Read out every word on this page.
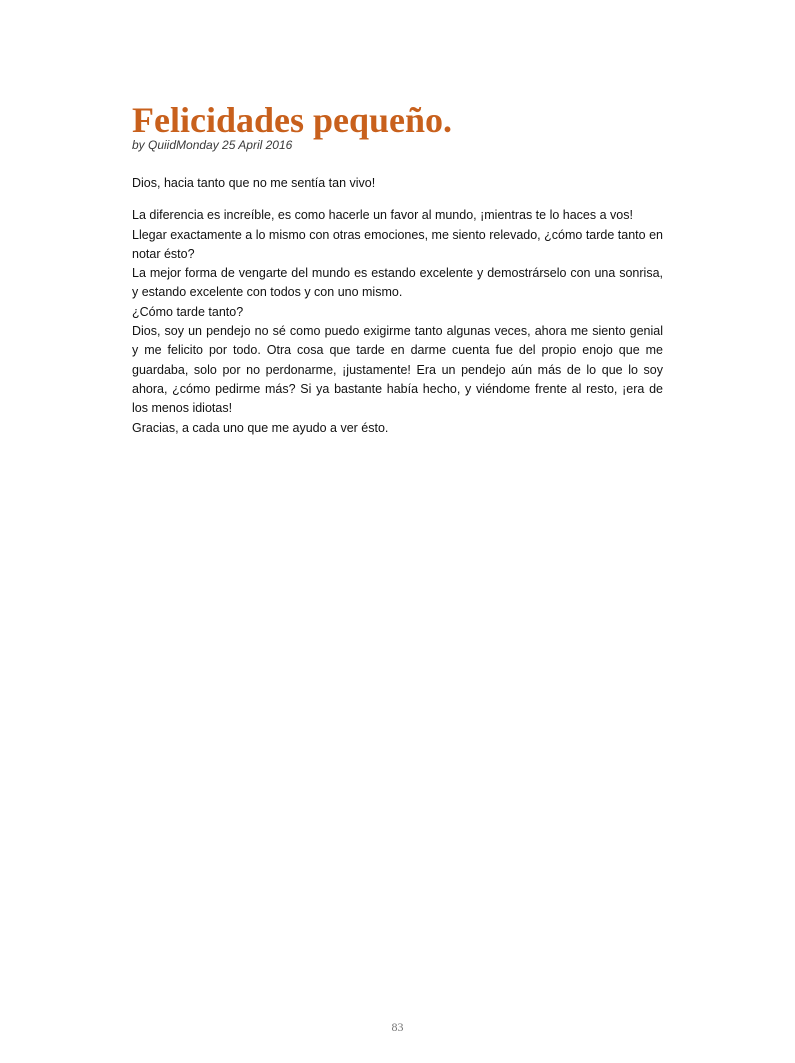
Felicidades pequeño.
by QuiidMonday 25 April 2016

Dios, hacia tanto que no me sentía tan vivo!

La diferencia es increíble, es como hacerle un favor al mundo, ¡mientras te lo haces a vos!
Llegar exactamente a lo mismo con otras emociones, me siento relevado, ¿cómo tarde tanto en notar ésto?
La mejor forma de vengarte del mundo es estando excelente y demostrárselo con una sonrisa, y estando excelente con todos y con uno mismo.
¿Cómo tarde tanto?
Dios, soy un pendejo no sé como puedo exigirme tanto algunas veces, ahora me siento genial y me felicito por todo. Otra cosa que tarde en darme cuenta fue del propio enojo que me guardaba, solo por no perdonarme, ¡justamente! Era un pendejo aún más de lo que lo soy ahora, ¿cómo pedirme más? Si ya bastante había hecho, y viéndome frente al resto, ¡era de los menos idiotas!
Gracias, a cada uno que me ayudo a ver ésto.
83
